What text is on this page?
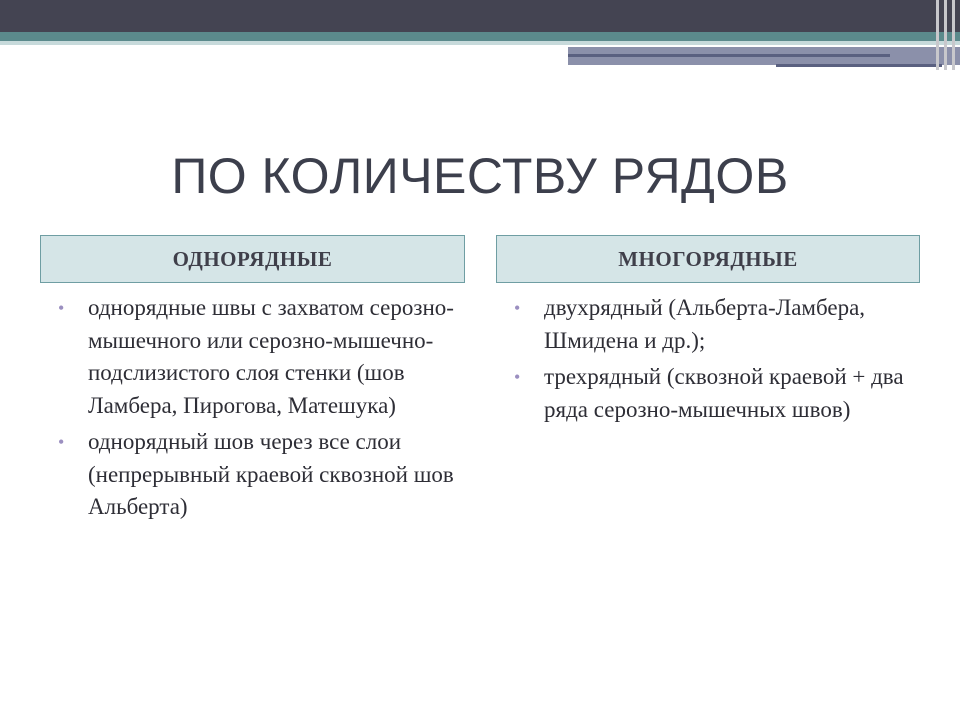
ПО КОЛИЧЕСТВУ РЯДОВ
ОДНОРЯДНЫЕ	МНОГОРЯДНЫЕ
• однорядные швы с захватом серозно-мышечного или серозно-мышечно-подслизистого слоя стенки (шов Ламбера, Пирогова, Матешука)
• однорядный шов через все слои (непрерывный краевой сквозной шов Альберта)
• двухрядный (Альберта-Ламбера, Шмидена и др.);
• трехрядный (сквозной краевой + два ряда серозно-мышечных швов)
